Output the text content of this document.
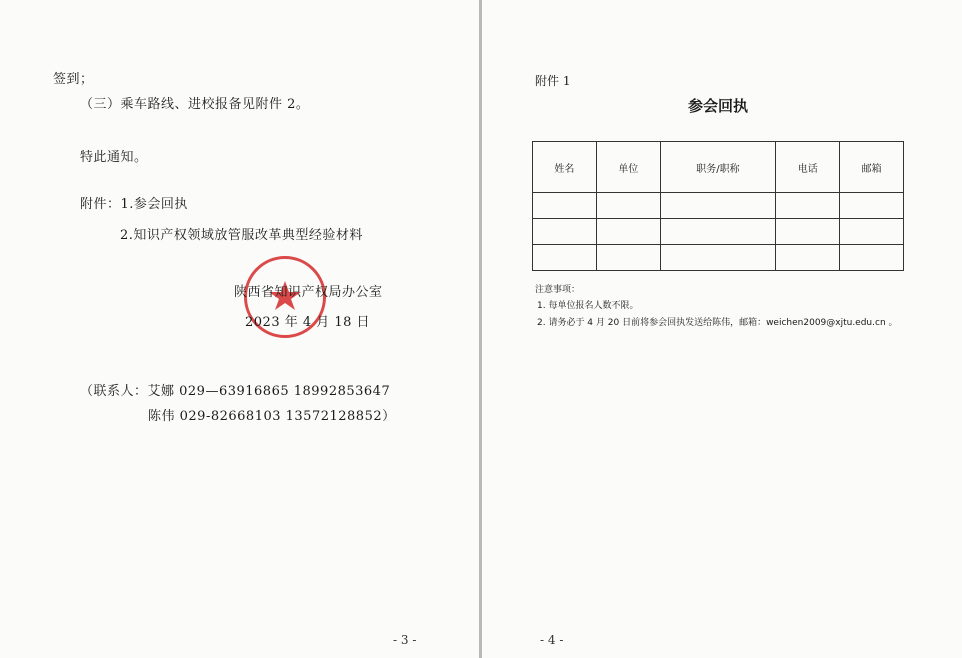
签到；
（三）乘车路线、进校报备见附件 2。
特此通知。
附件：1.参会回执
2.知识产权领域放管服改革典型经验材料
陕西省知识产权局办公室
2023 年 4 月 18 日
（联系人：艾娜 029—63916865 18992853647
陈伟 029-82668103 13572128852）
- 3 -
附件 1
参会回执
姓名	单位	职务/职称	电话	邮箱

注意事项：
1. 每单位报名人数不限。
2. 请务必于 4 月 20 日前将参会回执发送给陈伟，邮箱：weichen2009@xjtu.edu.cn 。
- 4 -
